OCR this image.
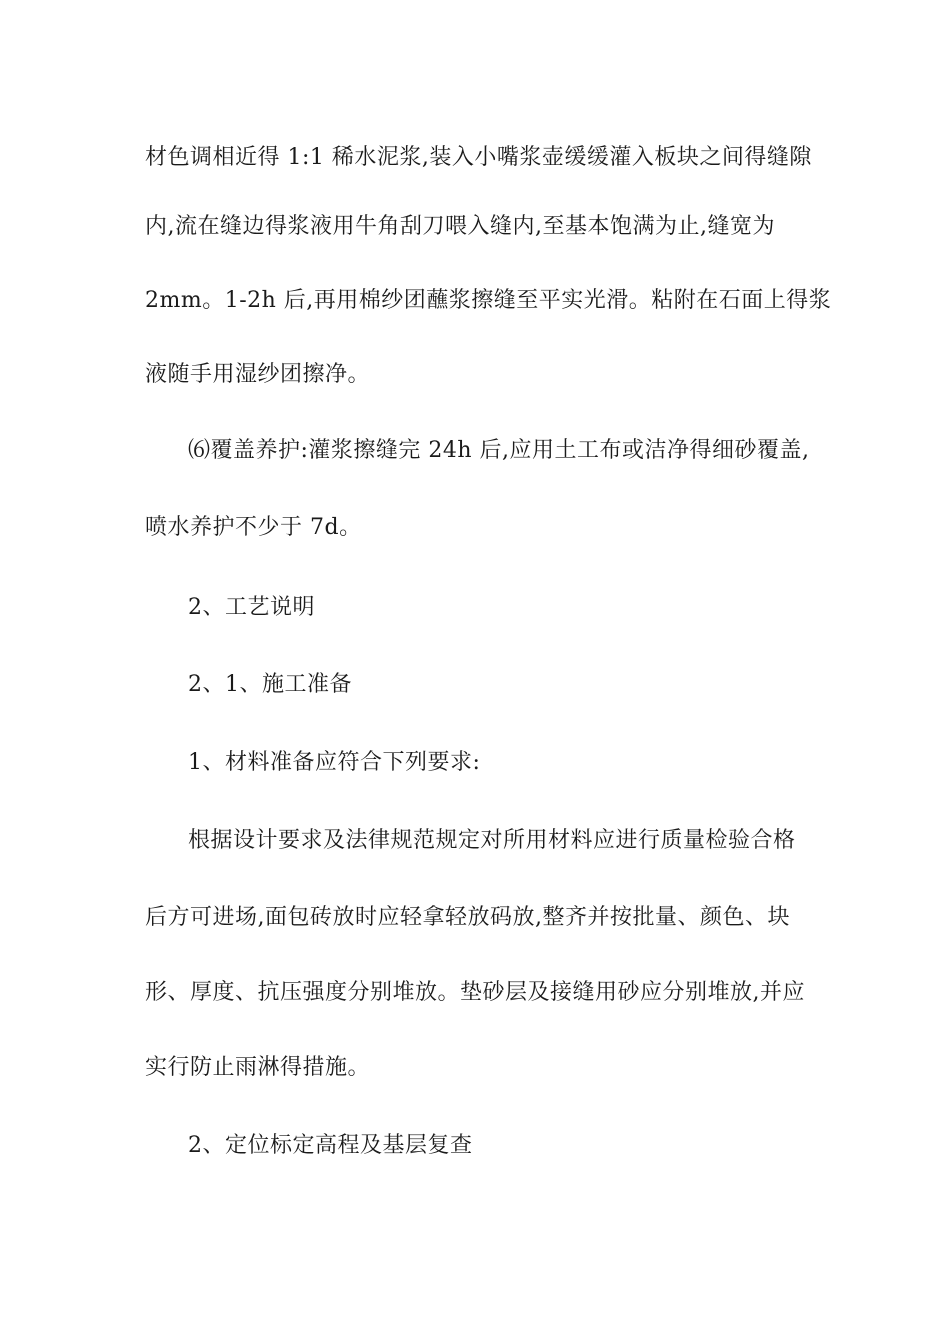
材色调相近得 1:1 稀水泥浆,装入小嘴浆壶缓缓灌入板块之间得缝隙
内,流在缝边得浆液用牛角刮刀喂入缝内,至基本饱满为止,缝宽为
2mm。1-2h 后,再用棉纱团蘸浆擦缝至平实光滑。粘附在石面上得浆
液随手用湿纱团擦净。
⑹覆盖养护:灌浆擦缝完 24h 后,应用土工布或洁净得细砂覆盖,
喷水养护不少于 7d。
2、工艺说明
2、1、施工准备
1、材料准备应符合下列要求:
根据设计要求及法律规范规定对所用材料应进行质量检验合格
后方可进场,面包砖放时应轻拿轻放码放,整齐并按批量、颜色、块
形、厚度、抗压强度分别堆放。垫砂层及接缝用砂应分别堆放,并应
实行防止雨淋得措施。
2、定位标定高程及基层复查
